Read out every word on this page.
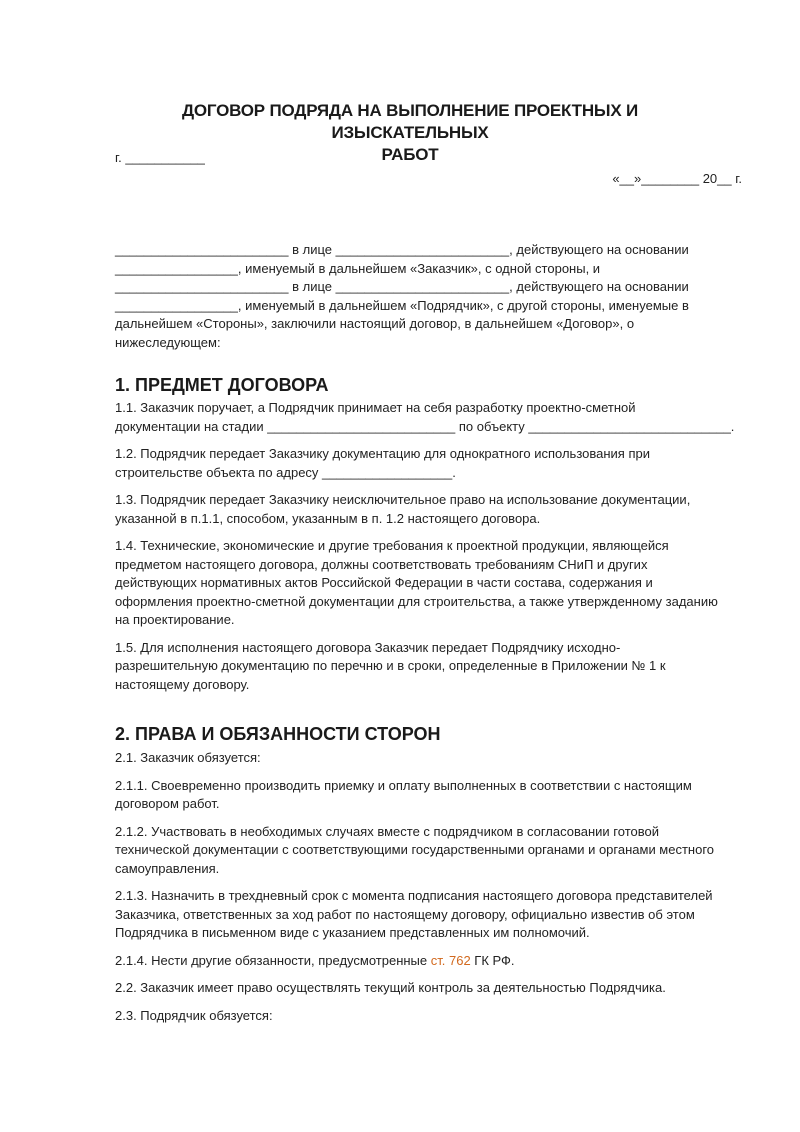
ДОГОВОР ПОДРЯДА НА ВЫПОЛНЕНИЕ ПРОЕКТНЫХ И ИЗЫСКАТЕЛЬНЫХ
РАБОТ
г. ___________
«__»________ 20__ г.
________________________ в лице ________________________, действующего на основании
_________________, именуемый в дальнейшем «Заказчик», с одной стороны, и
________________________ в лице ________________________, действующего на основании
_________________, именуемый в дальнейшем «Подрядчик», с другой стороны, именуемые в
дальнейшем «Стороны», заключили настоящий договор, в дальнейшем «Договор», о
нижеследующем:
1. ПРЕДМЕТ ДОГОВОРА
1.1. Заказчик поручает, а Подрядчик принимает на себя разработку проектно-сметной
документации на стадии __________________________ по объекту ____________________________.
1.2. Подрядчик передает Заказчику документацию для однократного использования при
строительстве объекта по адресу __________________.
1.3. Подрядчик передает Заказчику неисключительное право на использование документации,
указанной в п.1.1, способом, указанным в п. 1.2 настоящего договора.
1.4. Технические, экономические и другие требования к проектной продукции, являющейся
предметом настоящего договора, должны соответствовать требованиям СНиП и других
действующих нормативных актов Российской Федерации в части состава, содержания и
оформления проектно-сметной документации для строительства, а также утвержденному заданию
на проектирование.
1.5. Для исполнения настоящего договора Заказчик передает Подрядчику исходно-
разрешительную документацию по перечню и в сроки, определенные в Приложении № 1 к
настоящему договору.
2. ПРАВА И ОБЯЗАННОСТИ СТОРОН
2.1. Заказчик обязуется:
2.1.1. Своевременно производить приемку и оплату выполненных в соответствии с настоящим
договором работ.
2.1.2. Участвовать в необходимых случаях вместе с подрядчиком в согласовании готовой
технической документации с соответствующими государственными органами и органами местного
самоуправления.
2.1.3. Назначить в трехдневный срок с момента подписания настоящего договора представителей
Заказчика, ответственных за ход работ по настоящему договору, официально известив об этом
Подрядчика в письменном виде с указанием представленных им полномочий.
2.1.4. Нести другие обязанности, предусмотренные ст. 762 ГК РФ.
2.2. Заказчик имеет право осуществлять текущий контроль за деятельностью Подрядчика.
2.3. Подрядчик обязуется:
